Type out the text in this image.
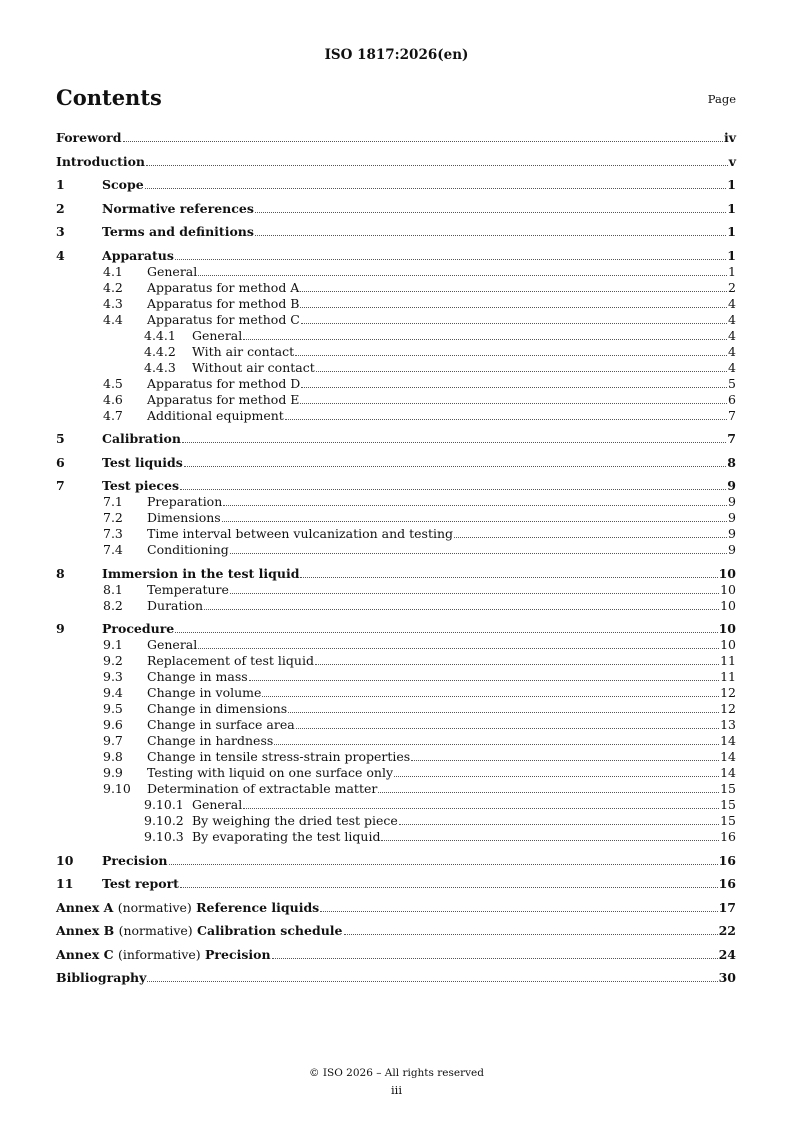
ISO 1817:2026(en)
Contents	Page
Foreword	iv
Introduction	v
1	Scope	1
2	Normative references	1
3	Terms and definitions	1
4	Apparatus	1
4.1	General	1
4.2	Apparatus for method A	2
4.3	Apparatus for method B	4
4.4	Apparatus for method C	4
4.4.1	General	4
4.4.2	With air contact	4
4.4.3	Without air contact	4
4.5	Apparatus for method D	5
4.6	Apparatus for method E	6
4.7	Additional equipment	7
5	Calibration	7
6	Test liquids	8
7	Test pieces	9
7.1	Preparation	9
7.2	Dimensions	9
7.3	Time interval between vulcanization and testing	9
7.4	Conditioning	9
8	Immersion in the test liquid	10
8.1	Temperature	10
8.2	Duration	10
9	Procedure	10
9.1	General	10
9.2	Replacement of test liquid	11
9.3	Change in mass	11
9.4	Change in volume	12
9.5	Change in dimensions	12
9.6	Change in surface area	13
9.7	Change in hardness	14
9.8	Change in tensile stress-strain properties	14
9.9	Testing with liquid on one surface only	14
9.10	Determination of extractable matter	15
9.10.1 General	15
9.10.2 By weighing the dried test piece	15
9.10.3 By evaporating the test liquid	16
10	Precision	16
11	Test report	16
Annex A (normative) Reference liquids	17
Annex B (normative) Calibration schedule	22
Annex C (informative) Precision	24
Bibliography	30
© ISO 2026 – All rights reserved
iii
